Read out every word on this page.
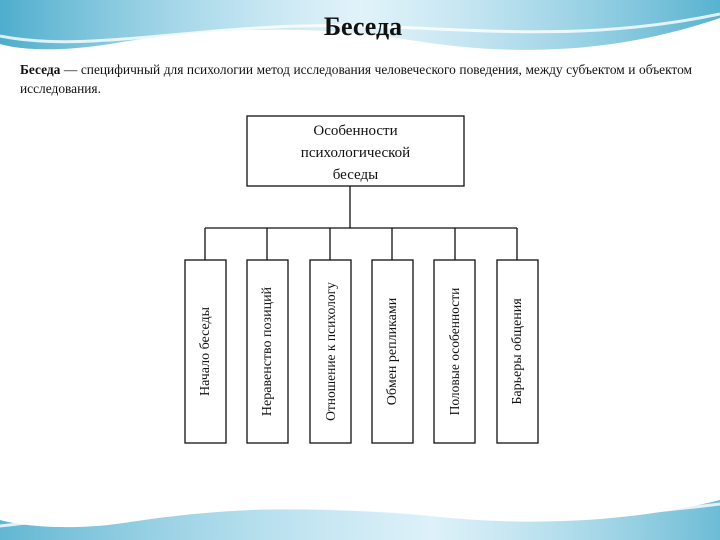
Беседа
Беседа — специфичный для психологии метод исследования человеческого поведения, между субъектом и объектом исследования.
Особенности
психологической
беседы
Начало беседы	Неравенство позиций	Отношение к психологу	Обмен репликами	Половые особенности	Барьеры общения
